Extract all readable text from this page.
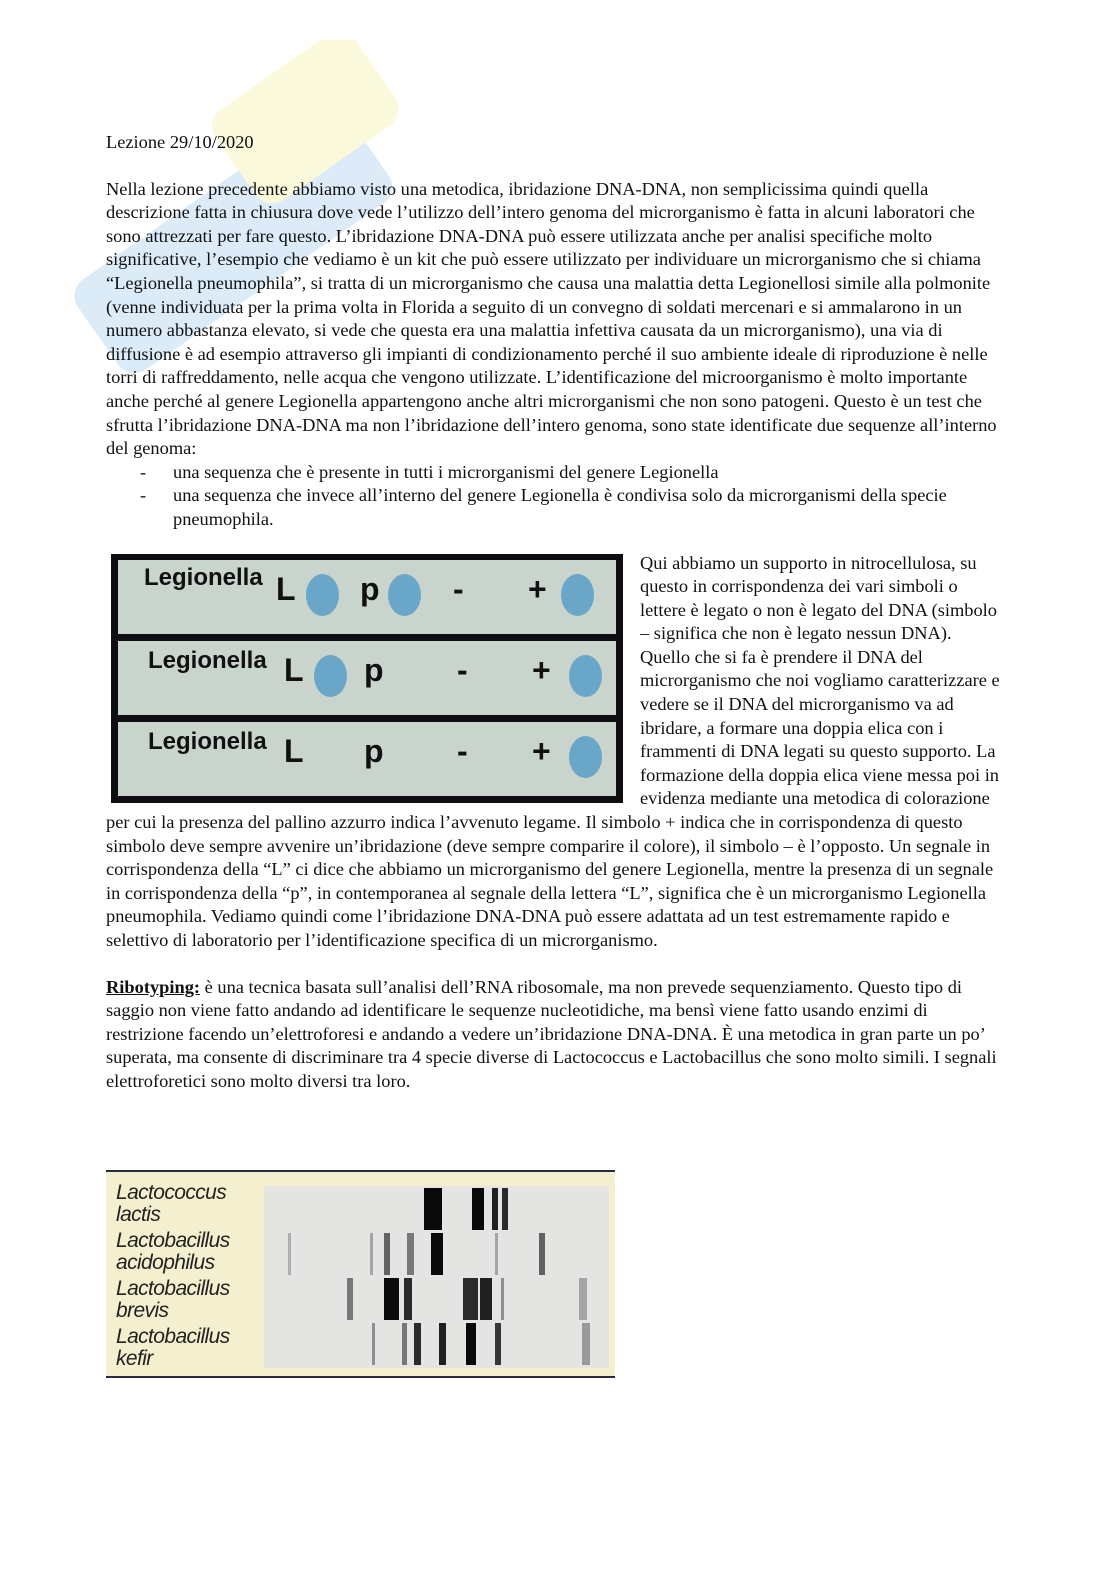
Lezione 29/10/2020

Nella lezione precedente abbiamo visto una metodica, ibridazione DNA-DNA, non semplicissima quindi quella descrizione fatta in chiusura dove vede l’utilizzo dell’intero genoma del microrganismo è fatta in alcuni laboratori che sono attrezzati per fare questo. L’ibridazione DNA-DNA può essere utilizzata anche per analisi specifiche molto significative, l’esempio che vediamo è un kit che può essere utilizzato per individuare un microrganismo che si chiama “Legionella pneumophila”, si tratta di un microrganismo che causa una malattia detta Legionellosi simile alla polmonite (venne individuata per la prima volta in Florida a seguito di un convegno di soldati mercenari e si ammalarono in un numero abbastanza elevato, si vede che questa era una malattia infettiva causata da un microrganismo), una via di diffusione è ad esempio attraverso gli impianti di condizionamento perché il suo ambiente ideale di riproduzione è nelle torri di raffreddamento, nelle acqua che vengono utilizzate. L’identificazione del microorganismo è molto importante anche perché al genere Legionella appartengono anche altri microrganismi che non sono patogeni. Questo è un test che sfrutta l’ibridazione DNA-DNA ma non l’ibridazione dell’intero genoma, sono state identificate due sequenze all’interno del genoma:

- una sequenza che è presente in tutti i microrganismi del genere Legionella
- una sequenza che invece all’interno del genere Legionella è condivisa solo da microrganismi della specie pneumophila.
Legionella L p - +
Legionella L p - +
Legionella L p - +

Qui abbiamo un supporto in nitrocellulosa, su questo in corrispondenza dei vari simboli o lettere è legato o non è legato del DNA (simbolo – significa che non è legato nessun DNA). Quello che si fa è prendere il DNA del microrganismo che noi vogliamo caratterizzare e vedere se il DNA del microrganismo va ad ibridare, a formare una doppia elica con i frammenti di DNA legati su questo supporto. La formazione della doppia elica viene messa poi in evidenza mediante una metodica di colorazione per cui la presenza del pallino azzurro indica l’avvenuto legame. Il simbolo + indica che in corrispondenza di questo simbolo deve sempre avvenire un’ibridazione (deve sempre comparire il colore), il simbolo – è l’opposto. Un segnale in corrispondenza della “L” ci dice che abbiamo un microrganismo del genere Legionella, mentre la presenza di un segnale in corrispondenza della “p”, in contemporanea al segnale della lettera “L”, significa che è un microrganismo Legionella pneumophila. Vediamo quindi come l’ibridazione DNA-DNA può essere adattata ad un test estremamente rapido e selettivo di laboratorio per l’identificazione specifica di un microrganismo.

Ribotyping: è una tecnica basata sull’analisi dell’RNA ribosomale, ma non prevede sequenziamento. Questo tipo di saggio non viene fatto andando ad identificare le sequenze nucleotidiche, ma bensì viene fatto usando enzimi di restrizione facendo un’elettroforesi e andando a vedere un’ibridazione DNA-DNA. È una metodica in gran parte un po’ superata, ma consente di discriminare tra 4 specie diverse di Lactococcus e Lactobacillus che sono molto simili. I segnali elettroforetici sono molto diversi tra loro.

Lactococcus
lactis
Lactobacillus
acidophilus
Lactobacillus
brevis
Lactobacillus
kefir
